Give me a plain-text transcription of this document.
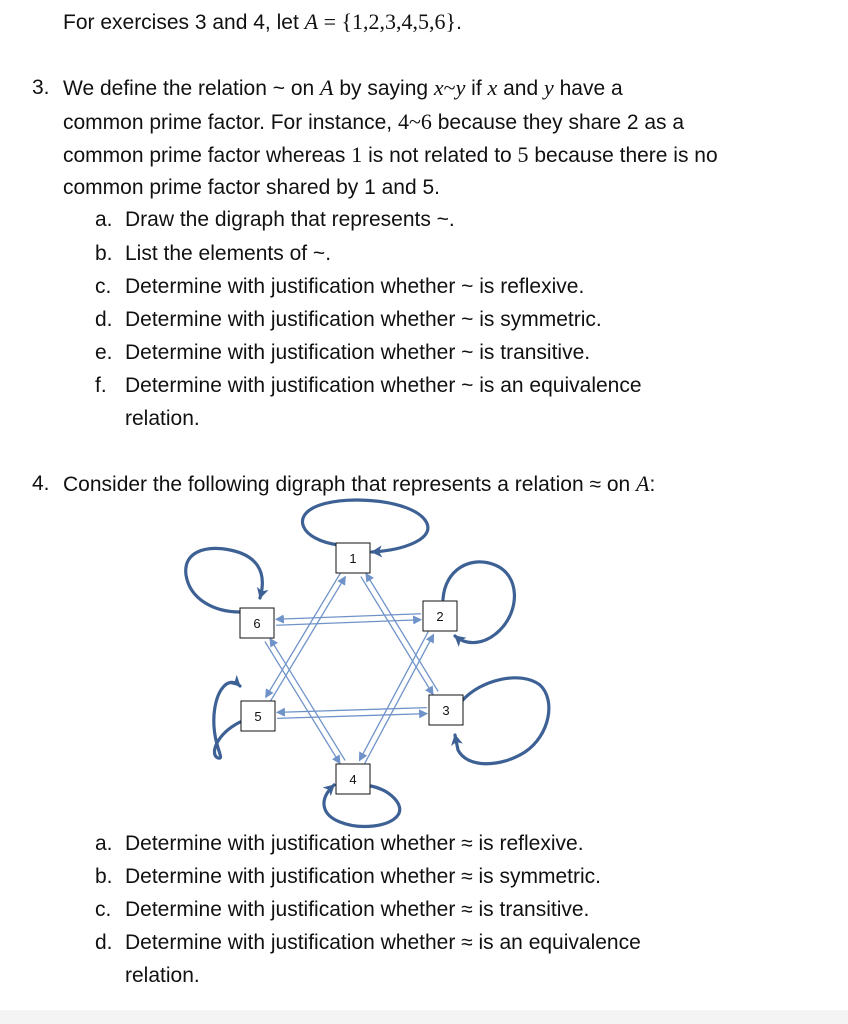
For exercises 3 and 4, let A = {1,2,3,4,5,6}.
3. We define the relation ~ on A by saying x~y if x and y have a
common prime factor. For instance, 4~6 because they share 2 as a
common prime factor whereas 1 is not related to 5 because there is no
common prime factor shared by 1 and 5.
a. Draw the digraph that represents ~.
b. List the elements of ~.
c. Determine with justification whether ~ is reflexive.
d. Determine with justification whether ~ is symmetric.
e. Determine with justification whether ~ is transitive.
f. Determine with justification whether ~ is an equivalence
relation.
4. Consider the following digraph that represents a relation ≈ on A:
1
2
3
4
5
6
a. Determine with justification whether ≈ is reflexive.
b. Determine with justification whether ≈ is symmetric.
c. Determine with justification whether ≈ is transitive.
d. Determine with justification whether ≈ is an equivalence
relation.
